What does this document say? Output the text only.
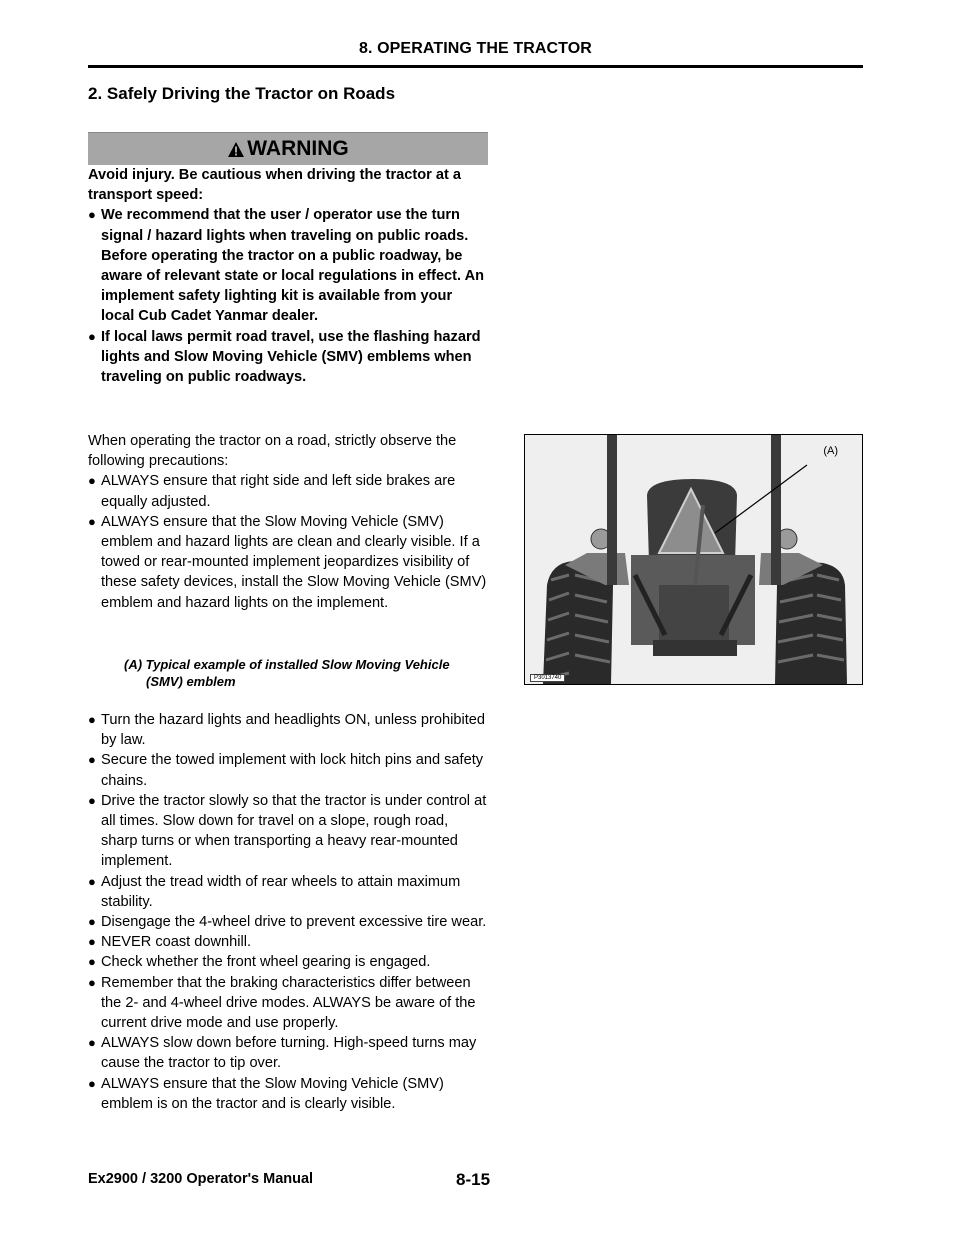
8. OPERATING THE TRACTOR
2. Safely Driving the Tractor on Roads
WARNING
Avoid injury. Be cautious when driving the tractor at a transport speed:
● We recommend that the user / operator use the turn signal / hazard lights when traveling on public roads. Before operating the tractor on a public roadway, be aware of relevant state or local regulations in effect. An implement safety lighting kit is available from your local Cub Cadet Yanmar dealer.
● If local laws permit road travel, use the flashing hazard lights and Slow Moving Vehicle (SMV) emblems when traveling on public roadways.

When operating the tractor on a road, strictly observe the following precautions:

● ALWAYS ensure that right side and left side brakes are equally adjusted.
● ALWAYS ensure that the Slow Moving Vehicle (SMV) emblem and hazard lights are clean and clearly visible. If a towed or rear-mounted implement jeopardizes visibility of these safety devices, install the Slow Moving Vehicle (SMV) emblem and hazard lights on the implement.
(A) Typical example of installed Slow Moving Vehicle
(SMV) emblem
● Turn the hazard lights and headlights ON, unless prohibited by law.
● Secure the towed implement with lock hitch pins and safety chains.
● Drive the tractor slowly so that the tractor is under control at all times. Slow down for travel on a slope, rough road, sharp turns or when transporting a heavy rear-mounted implement.
● Adjust the tread width of rear wheels to attain maximum stability.
● Disengage the 4-wheel drive to prevent excessive tire wear.
● NEVER coast downhill.
● Check whether the front wheel gearing is engaged.
● Remember that the braking characteristics differ between the 2- and 4-wheel drive modes. ALWAYS be aware of the current drive mode and use properly.
● ALWAYS slow down before turning. High-speed turns may cause the tractor to tip over.
● ALWAYS ensure that the Slow Moving Vehicle (SMV) emblem is on the tractor and is clearly visible.
(A)
P3013740
Ex2900 / 3200 Operator's Manual	8-15
